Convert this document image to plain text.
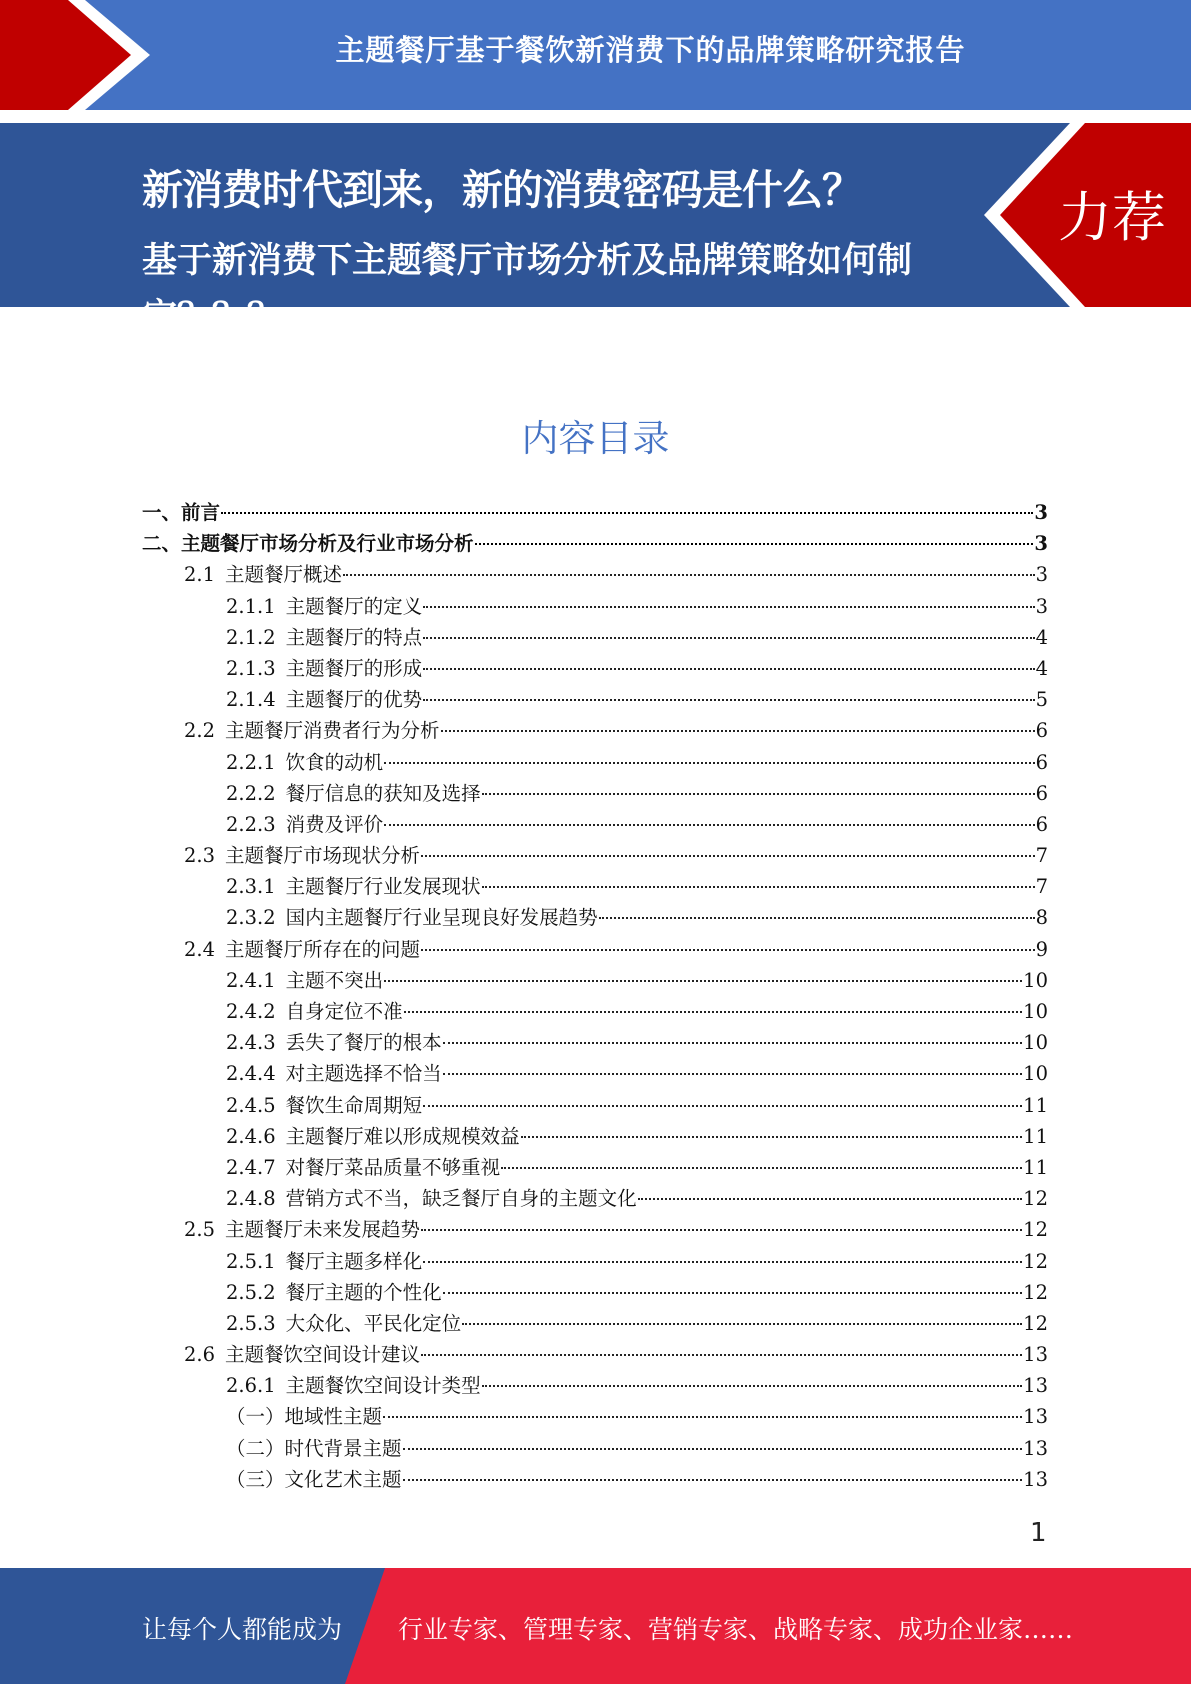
主题餐厅基于餐饮新消费下的品牌策略研究报告
新消费时代到来，新的消费密码是什么？
基于新消费下主题餐厅市场分析及品牌策略如何制定？？？
力荐
内容目录
一、前言	3
二、主题餐厅市场分析及行业市场分析	3
2.1 主题餐厅概述	3
2.1.1 主题餐厅的定义	3
2.1.2 主题餐厅的特点	4
2.1.3 主题餐厅的形成	4
2.1.4 主题餐厅的优势	5
2.2 主题餐厅消费者行为分析	6
2.2.1 饮食的动机	6
2.2.2 餐厅信息的获知及选择	6
2.2.3 消费及评价	6
2.3 主题餐厅市场现状分析	7
2.3.1 主题餐厅行业发展现状	7
2.3.2 国内主题餐厅行业呈现良好发展趋势	8
2.4 主题餐厅所存在的问题	9
2.4.1 主题不突出	10
2.4.2 自身定位不准	10
2.4.3 丢失了餐厅的根本	10
2.4.4 对主题选择不恰当	10
2.4.5 餐饮生命周期短	11
2.4.6 主题餐厅难以形成规模效益	11
2.4.7 对餐厅菜品质量不够重视	11
2.4.8 营销方式不当，缺乏餐厅自身的主题文化	12
2.5 主题餐厅未来发展趋势	12
2.5.1 餐厅主题多样化	12
2.5.2 餐厅主题的个性化	12
2.5.3 大众化、平民化定位	12
2.6 主题餐饮空间设计建议	13
2.6.1 主题餐饮空间设计类型	13
（一）地域性主题	13
（二）时代背景主题	13
（三）文化艺术主题	13
1
让每个人都能成为 行业专家、管理专家、营销专家、战略专家、成功企业家……
